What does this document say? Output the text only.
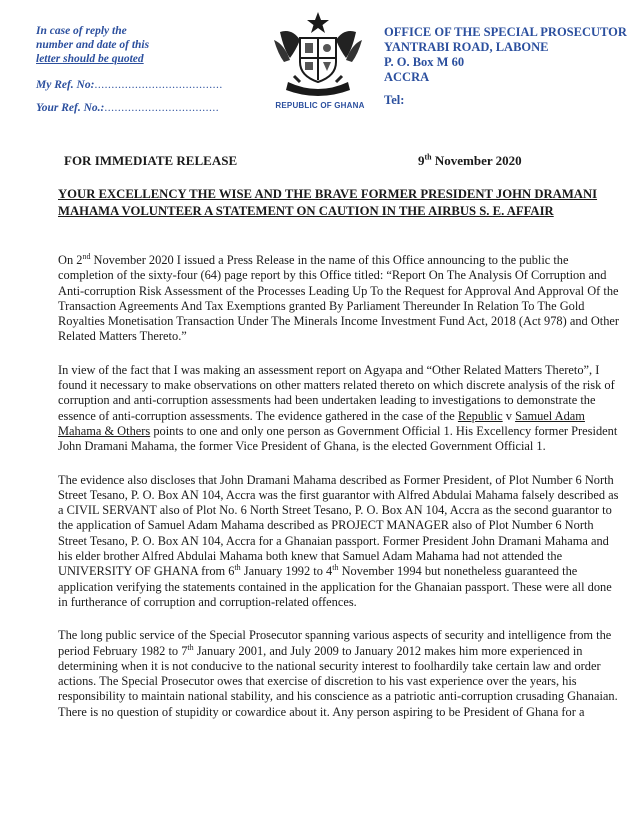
In case of reply the
number and date of this
letter should be quoted
My Ref. No:......................................
Your Ref. No.:..................................	REPUBLIC OF GHANA
OFFICE OF THE SPECIAL PROSECUTOR
YANTRABI ROAD, LABONE
P. O. Box M 60
ACCRA
Tel:
FOR IMMEDIATE RELEASE	9th November 2020
YOUR EXCELLENCY THE WISE AND THE BRAVE FORMER PRESIDENT JOHN DRAMANI MAHAMA VOLUNTEER A STATEMENT ON CAUTION IN THE AIRBUS S. E. AFFAIR

On 2nd November 2020 I issued a Press Release in the name of this Office announcing to the public the completion of the sixty-four (64) page report by this Office titled: “Report On The Analysis Of Corruption and Anti-corruption Risk Assessment of the Processes Leading Up To the Request for Approval And Approval Of the Transaction Agreements And Tax Exemptions granted By Parliament Thereunder In Relation To The Gold Royalties Monetisation Transaction Under The Minerals Income Investment Fund Act, 2018 (Act 978) and Other Related Matters Thereto.”

In view of the fact that I was making an assessment report on Agyapa and “Other Related Matters Thereto”, I found it necessary to make observations on other matters related thereto on which discrete analysis of the risk of corruption and anti-corruption assessments had been undertaken leading to investigations to demonstrate the essence of anti-corruption assessments. The evidence gathered in the case of the Republic v Samuel Adam Mahama & Others points to one and only one person as Government Official 1. His Excellency former President John Dramani Mahama, the former Vice President of Ghana, is the elected Government Official 1.

The evidence also discloses that John Dramani Mahama described as Former President, of Plot Number 6 North Street Tesano, P. O. Box AN 104, Accra was the first guarantor with Alfred Abdulai Mahama falsely described as a CIVIL SERVANT also of Plot No. 6 North Street Tesano, P. O. Box AN 104, Accra as the second guarantor to the application of Samuel Adam Mahama described as PROJECT MANAGER also of Plot Number 6 North Street Tesano, P. O. Box AN 104, Accra for a Ghanaian passport. Former President John Dramani Mahama and his elder brother Alfred Abdulai Mahama both knew that Samuel Adam Mahama had not attended the UNIVERSITY OF GHANA from 6th January 1992 to 4th November 1994 but nonetheless guaranteed the application verifying the statements contained in the application for the Ghanaian passport. These were all done in furtherance of corruption and corruption-related offences.

The long public service of the Special Prosecutor spanning various aspects of security and intelligence from the period February 1982 to 7th January 2001, and July 2009 to January 2012 makes him more experienced in determining when it is not conducive to the national security interest to foolhardily take certain law and order actions. The Special Prosecutor owes that exercise of discretion to his vast experience over the years, his responsibility to maintain national stability, and his conscience as a patriotic anti-corruption crusading Ghanaian. There is no question of stupidity or cowardice about it. Any person aspiring to be President of Ghana for a
